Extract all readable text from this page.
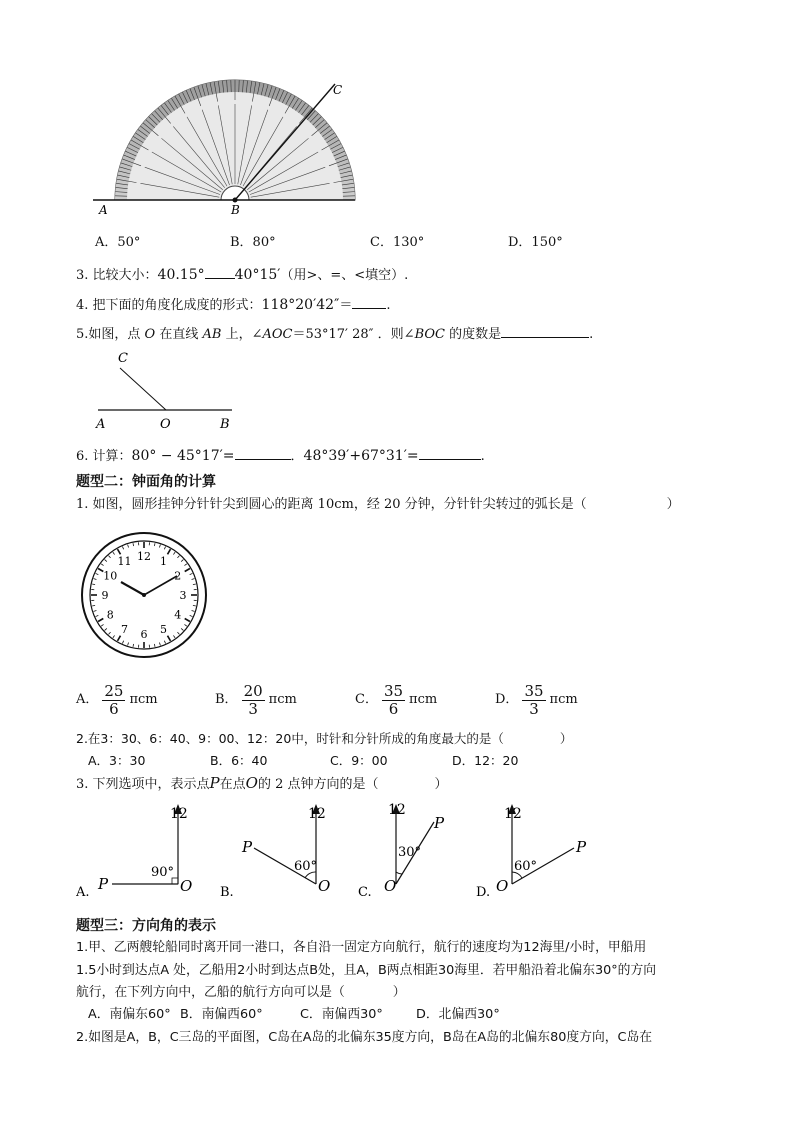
A	B
C
A．50°	B．80°	C．130°	D．150°
3. 比较大小：40.15° 40°15′（用>、=、<填空）.
4. 把下面的角度化成度的形式：118°20′42″＝	.
5.如图，点 O 在直线 AB 上，∠AOC＝53°17′ 28″ ．则∠BOC 的度数是	.
C
A	O	B
6. 计算：80° − 45°17′=	．48°39′+67°31′=	.
题型二：钟面角的计算
1. 如图，圆形挂钟分针针尖到圆心的距离 10cm，经 20 分钟，分针针尖转过的弧长是（	）
12 1
2
3
4
5
6
7
8
9
10
11
A． $\frac{25}{6}$ πcm	B． $\frac{20}{3}$ πcm	C． $\frac{35}{6}$ πcm	D． $\frac{35}{3}$ πcm
2.在3：30、6：40、9：00、12：20中，时针和分针所成的角度最大的是（	）
A．3：30	B．6：40	C．9：00	D．12：20
3. 下列选项中，表示点P在点O的 2 点钟方向的是（	）
A.
12
90°
P	O B.
12
60°
P
O C.
12
30°
P
O	D.
12
60°
P
O
题型三：方向角的表示
1.甲、乙两艘轮船同时离开同一港口，各自沿一固定方向航行，航行的速度均为12海里/小时，甲船用
1.5小时到达点A 处，乙船用2小时到达点B处，且A，B两点相距30海里．若甲船沿着北偏东30°的方向
航行，在下列方向中，乙船的航行方向可以是（	）
A．南偏东60° B．南偏西60°	C．南偏西30°	D．北偏西30°
2.如图是A，B，C三岛的平面图，C岛在A岛的北偏东35度方向，B岛在A岛的北偏东80度方向，C岛在
